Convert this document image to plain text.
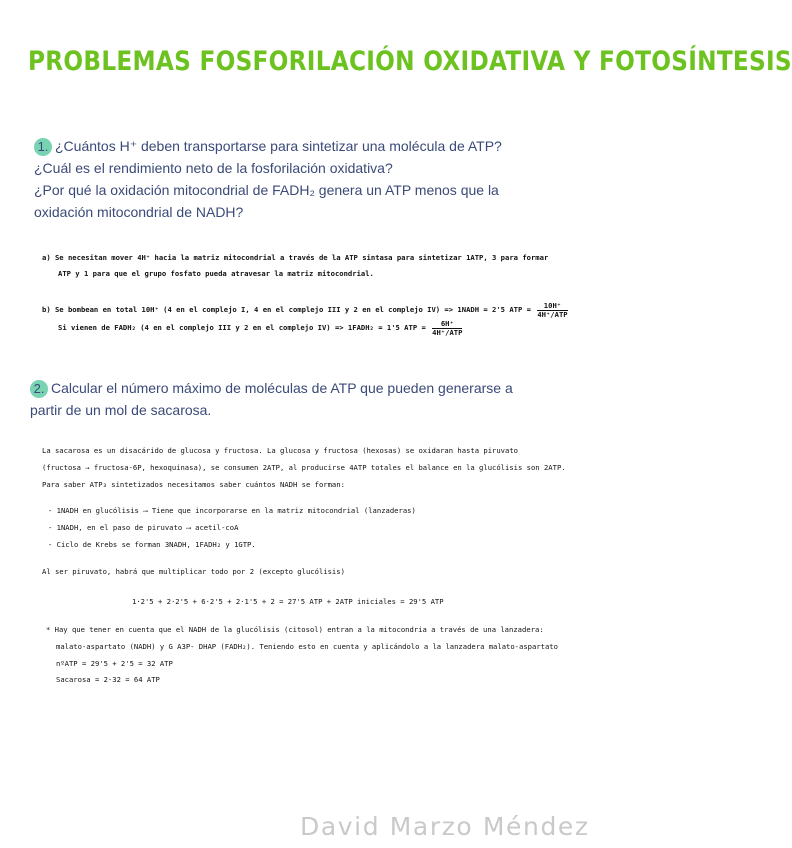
PROBLEMAS FOSFORILACIÓN OXIDATIVA Y FOTOSÍNTESIS

1. ¿Cuántos H⁺ deben transportarse para sintetizar una molécula de ATP?

¿Cuál es el rendimiento neto de la fosforilación oxidativa?

¿Por qué la oxidación mitocondrial de FADH₂ genera un ATP menos que la

oxidación mitocondrial de NADH?

a) Se necesitan mover 4H⁺ hacia la matriz mitocondrial a través de la ATP sintasa para sintetizar 1ATP, 3 para formar
ATP y 1 para que el grupo fosfato pueda atravesar la matriz mitocondrial.
b) Se bombean en total 10H⁺ (4 en el complejo I, 4 en el complejo III y 2 en el complejo IV) => 1NADH = 2'5 ATP = $\frac{10H^+}{\text{4H⁺/ATP}}$
Si vienen de FADH₂ (4 en el complejo III y 2 en el complejo IV) => 1FADH₂ = 1'5 ATP = $\frac{6H^+}{\text{4H⁺/ATP}}$

2. Calcular el número máximo de moléculas de ATP que pueden generarse a

partir de un mol de sacarosa.

La sacarosa es un disacárido de glucosa y fructosa. La glucosa y fructosa (hexosas) se oxidaran hasta piruvato
(fructosa → fructosa-6P, hexoquinasa), se consumen 2ATP, al producirse 4ATP totales el balance en la glucólisis son 2ATP.
Para saber ATP₃ sintetizados necesitamos saber cuántos NADH se forman:
- 1NADH en glucólisis ⟶ Tiene que incorporarse en la matriz mitocondrial (lanzaderas)
- 1NADH, en el paso de piruvato ⟶ acetil-coA
- Ciclo de Krebs se forman 3NADH, 1FADH₂ y 1GTP.
Al ser piruvato, habrá que multiplicar todo por 2 (excepto glucólisis)
1·2'5 + 2·2'5 + 6·2'5 + 2·1'5 + 2 = 27'5 ATP + 2ATP iniciales = 29'5 ATP
* Hay que tener en cuenta que el NADH de la glucólisis (citosol) entran a la mitocondria a través de una lanzadera:
malato-aspartato (NADH) y G A3P- DHAP (FADH₂). Teniendo esto en cuenta y aplicándolo a la lanzadera malato-aspartato
nºATP = 29'5 + 2'5 = 32 ATP
Sacarosa = 2·32 = 64 ATP
David Marzo Méndez
